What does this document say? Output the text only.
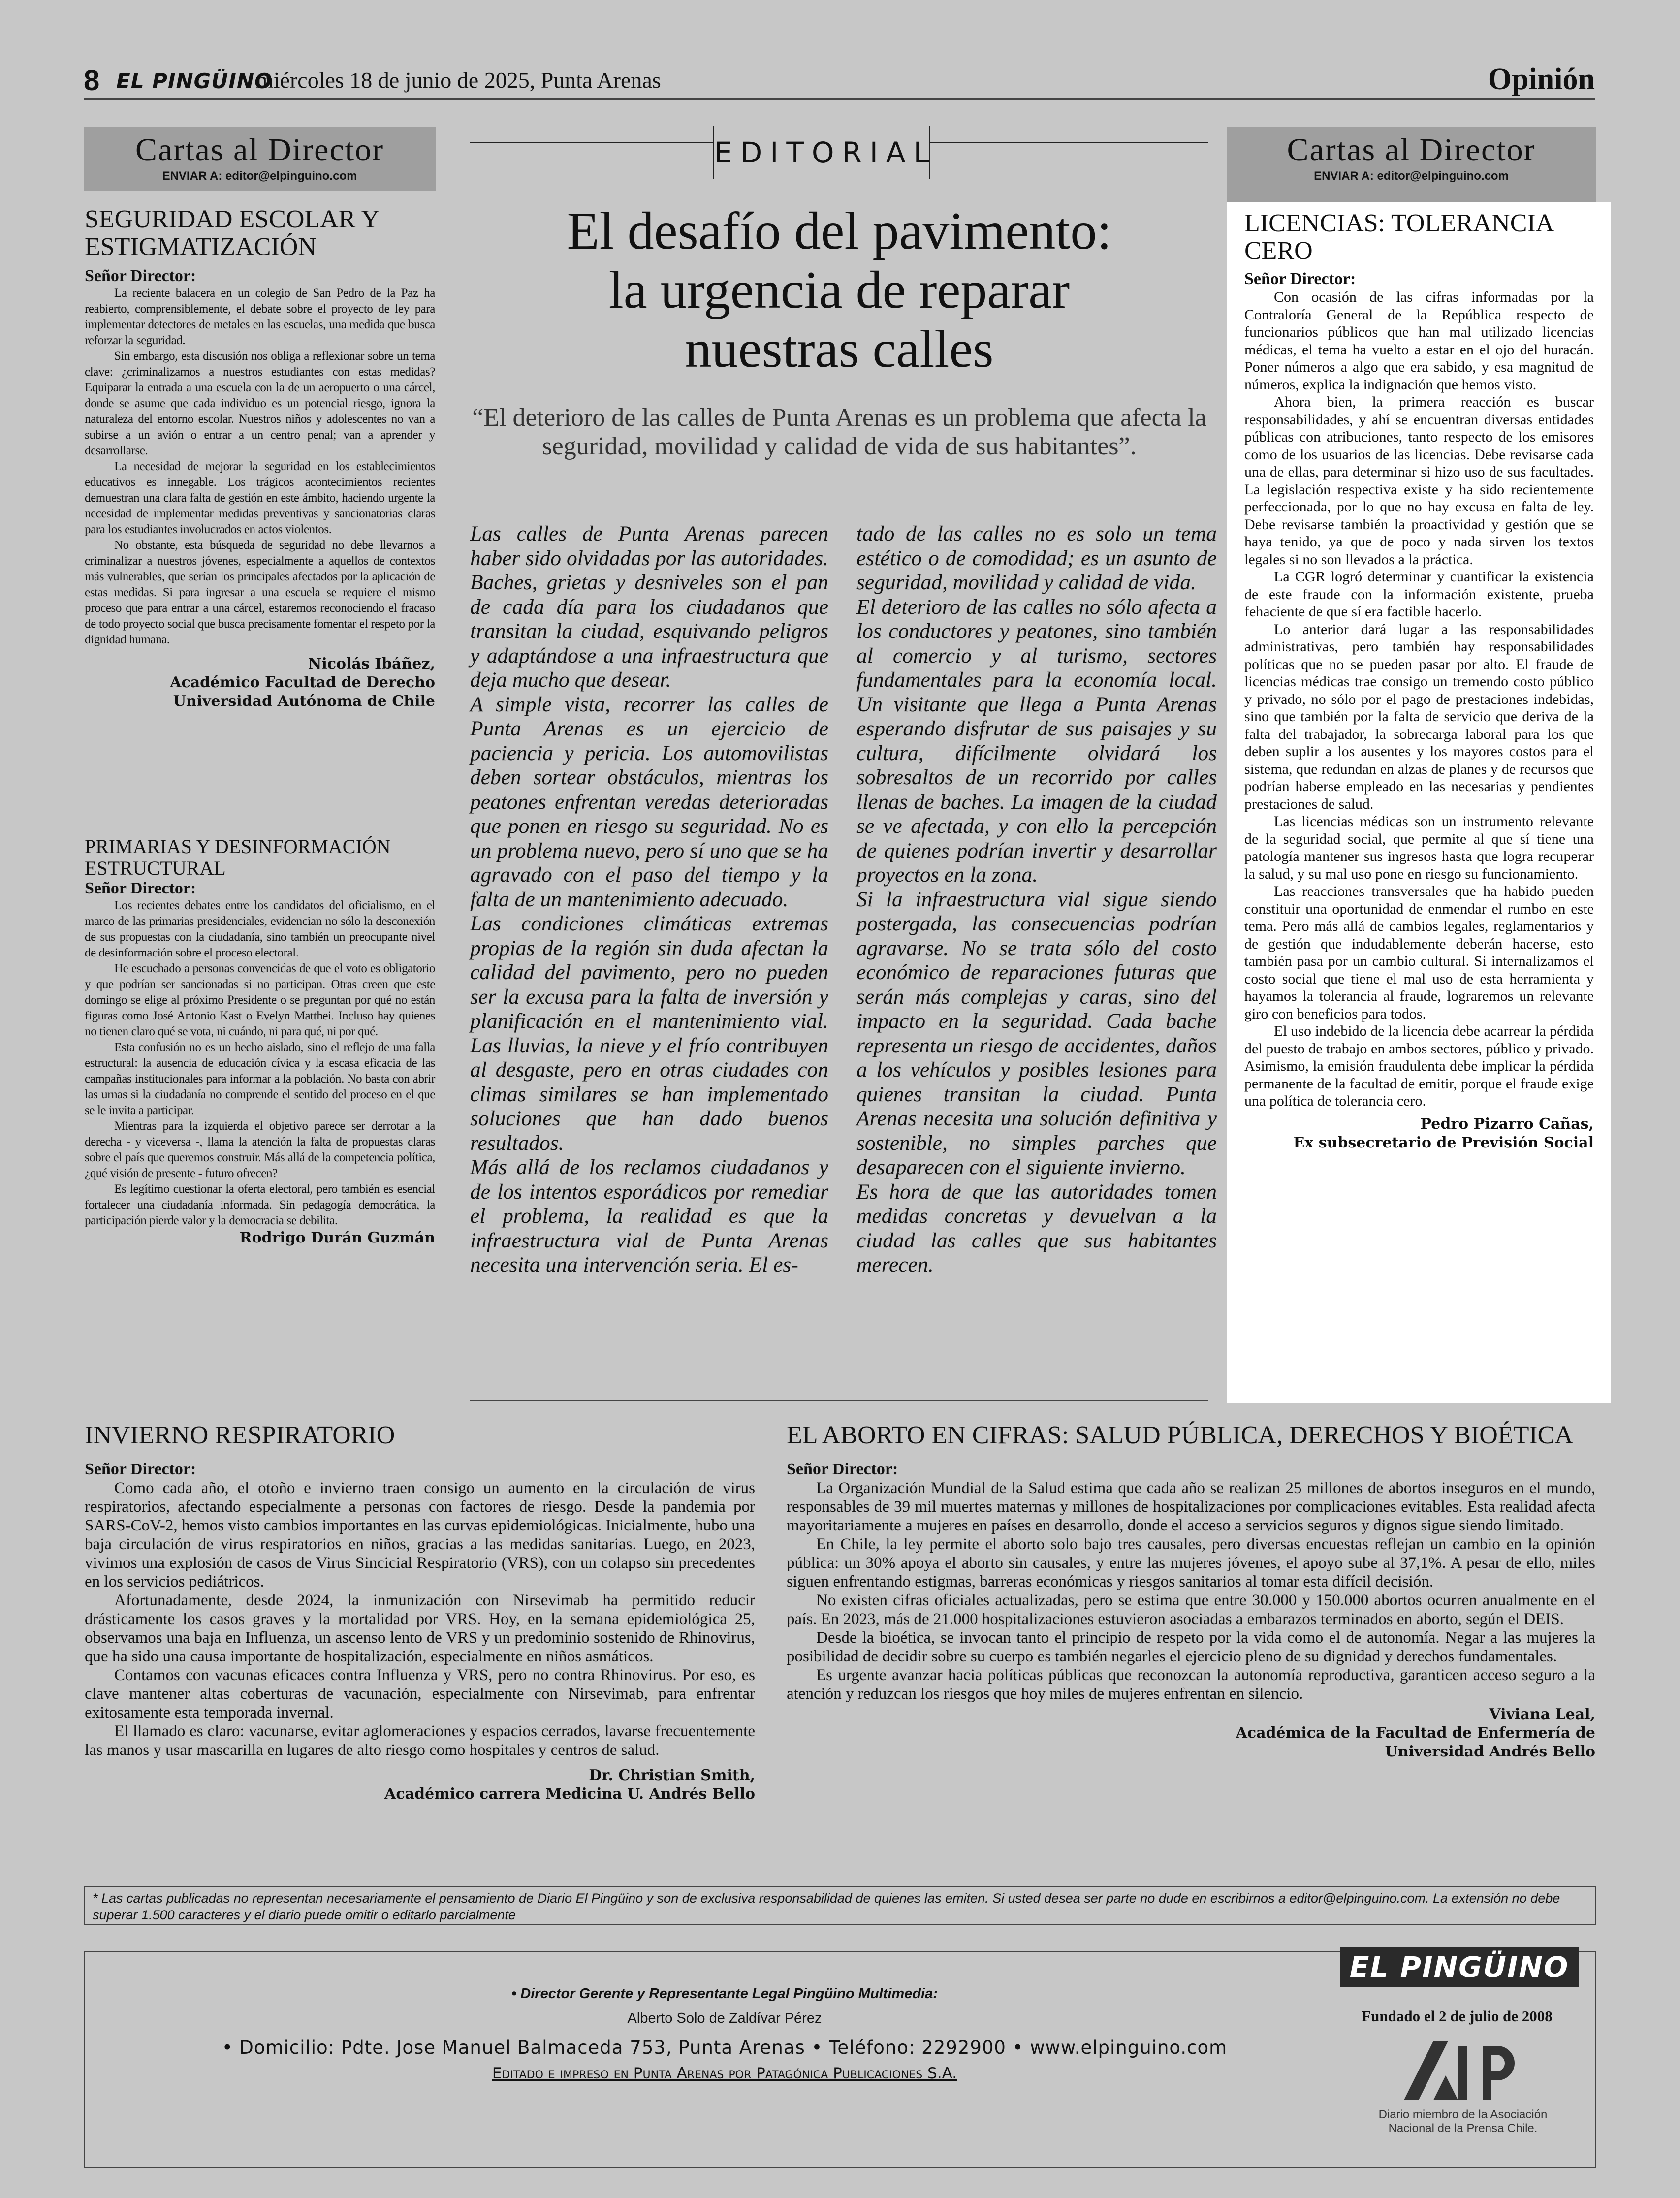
8 EL PINGÜINO
miércoles 18 de junio de 2025, Punta Arenas	Opinión
Cartas al Director
ENVIAR A: editor@elpinguino.com
SEGURIDAD ESCOLAR Y ESTIGMATIZACIÓN
Señor Director:

La reciente balacera en un colegio de San Pedro de la Paz ha reabierto, comprensiblemente, el debate sobre el proyecto de ley para implementar detectores de metales en las escuelas, una medida que busca reforzar la seguridad.

Sin embargo, esta discusión nos obliga a reflexionar sobre un tema clave: ¿criminalizamos a nuestros estudiantes con estas medidas? Equiparar la entrada a una escuela con la de un aeropuerto o una cárcel, donde se asume que cada individuo es un potencial riesgo, ignora la naturaleza del entorno escolar. Nuestros niños y adolescentes no van a subirse a un avión o entrar a un centro penal; van a aprender y desarrollarse.

La necesidad de mejorar la seguridad en los establecimientos educativos es innegable. Los trágicos acontecimientos recientes demuestran una clara falta de gestión en este ámbito, haciendo urgente la necesidad de implementar medidas preventivas y sancionatorias claras para los estudiantes involucrados en actos violentos.

No obstante, esta búsqueda de seguridad no debe llevarnos a criminalizar a nuestros jóvenes, especialmente a aquellos de contextos más vulnerables, que serían los principales afectados por la aplicación de estas medidas. Si para ingresar a una escuela se requiere el mismo proceso que para entrar a una cárcel, estaremos reconociendo el fracaso de todo proyecto social que busca precisamente fomentar el respeto por la dignidad humana.

Nicolás Ibáñez,
Académico Facultad de Derecho
Universidad Autónoma de Chile
PRIMARIAS Y DESINFORMACIÓN ESTRUCTURAL
Señor Director:

Los recientes debates entre los candidatos del oficialismo, en el marco de las primarias presidenciales, evidencian no sólo la desconexión de sus propuestas con la ciudadanía, sino también un preocupante nivel de desinformación sobre el proceso electoral.

He escuchado a personas convencidas de que el voto es obligatorio y que podrían ser sancionadas si no participan. Otras creen que este domingo se elige al próximo Presidente o se preguntan por qué no están figuras como José Antonio Kast o Evelyn Matthei. Incluso hay quienes no tienen claro qué se vota, ni cuándo, ni para qué, ni por qué.

Esta confusión no es un hecho aislado, sino el reflejo de una falla estructural: la ausencia de educación cívica y la escasa eficacia de las campañas institucionales para informar a la población. No basta con abrir las urnas si la ciudadanía no comprende el sentido del proceso en el que se le invita a participar.

Mientras para la izquierda el objetivo parece ser derrotar a la derecha - y viceversa -, llama la atención la falta de propuestas claras sobre el país que queremos construir. Más allá de la competencia política, ¿qué visión de presente - futuro ofrecen?

Es legítimo cuestionar la oferta electoral, pero también es esencial fortalecer una ciudadanía informada. Sin pedagogía democrática, la participación pierde valor y la democracia se debilita.

Rodrigo Durán Guzmán
EDITORIAL
El desafío del pavimento:
la urgencia de reparar
nuestras calles
“El deterioro de las calles de Punta Arenas es un problema que afecta la seguridad, movilidad y calidad de vida de sus habitantes”.

Las calles de Punta Arenas parecen haber sido olvidadas por las autoridades. Baches, grietas y desniveles son el pan de cada día para los ciudadanos que transitan la ciudad, esquivando peligros y adaptándose a una infraestructura que deja mucho que desear.

A simple vista, recorrer las calles de Punta Arenas es un ejercicio de paciencia y pericia. Los automovilistas deben sortear obstáculos, mientras los peatones enfrentan veredas deterioradas que ponen en riesgo su seguridad. No es un problema nuevo, pero sí uno que se ha agravado con el paso del tiempo y la falta de un mantenimiento adecuado.

Las condiciones climáticas extremas propias de la región sin duda afectan la calidad del pavimento, pero no pueden ser la excusa para la falta de inversión y planificación en el mantenimiento vial. Las lluvias, la nieve y el frío contribuyen al desgaste, pero en otras ciudades con climas similares se han implementado soluciones que han dado buenos resultados.

Más allá de los reclamos ciudadanos y de los intentos esporádicos por remediar el problema, la realidad es que la infraestructura vial de Punta Arenas necesita una intervención seria. El es-

tado de las calles no es solo un tema estético o de comodidad; es un asunto de seguridad, movilidad y calidad de vida.

El deterioro de las calles no sólo afecta a los conductores y peatones, sino también al comercio y al turismo, sectores fundamentales para la economía local. Un visitante que llega a Punta Arenas esperando disfrutar de sus paisajes y su cultura, difícilmente olvidará los sobresaltos de un recorrido por calles llenas de baches. La imagen de la ciudad se ve afectada, y con ello la percepción de quienes podrían invertir y desarrollar proyectos en la zona.

Si la infraestructura vial sigue siendo postergada, las consecuencias podrían agravarse. No se trata sólo del costo económico de reparaciones futuras que serán más complejas y caras, sino del impacto en la seguridad. Cada bache representa un riesgo de accidentes, daños a los vehículos y posibles lesiones para quienes transitan la ciudad. Punta Arenas necesita una solución definitiva y sostenible, no simples parches que desaparecen con el siguiente invierno.

Es hora de que las autoridades tomen medidas concretas y devuelvan a la ciudad las calles que sus habitantes merecen.

Cartas al Director
ENVIAR A: editor@elpinguino.com
LICENCIAS: TOLERANCIA CERO
Señor Director:

Con ocasión de las cifras informadas por la Contraloría General de la República respecto de funcionarios públicos que han mal utilizado licencias médicas, el tema ha vuelto a estar en el ojo del huracán. Poner números a algo que era sabido, y esa magnitud de números, explica la indignación que hemos visto.

Ahora bien, la primera reacción es buscar responsabilidades, y ahí se encuentran diversas entidades públicas con atribuciones, tanto respecto de los emisores como de los usuarios de las licencias. Debe revisarse cada una de ellas, para determinar si hizo uso de sus facultades. La legislación respectiva existe y ha sido recientemente perfeccionada, por lo que no hay excusa en falta de ley. Debe revisarse también la proactividad y gestión que se haya tenido, ya que de poco y nada sirven los textos legales si no son llevados a la práctica.

La CGR logró determinar y cuantificar la existencia de este fraude con la información existente, prueba fehaciente de que sí era factible hacerlo.

Lo anterior dará lugar a las responsabilidades administrativas, pero también hay responsabilidades políticas que no se pueden pasar por alto. El fraude de licencias médicas trae consigo un tremendo costo público y privado, no sólo por el pago de prestaciones indebidas, sino que también por la falta de servicio que deriva de la falta del trabajador, la sobrecarga laboral para los que deben suplir a los ausentes y los mayores costos para el sistema, que redundan en alzas de planes y de recursos que podrían haberse empleado en las necesarias y pendientes prestaciones de salud.

Las licencias médicas son un instrumento relevante de la seguridad social, que permite al que sí tiene una patología mantener sus ingresos hasta que logra recuperar la salud, y su mal uso pone en riesgo su funcionamiento.

Las reacciones transversales que ha habido pueden constituir una oportunidad de enmendar el rumbo en este tema. Pero más allá de cambios legales, reglamentarios y de gestión que indudablemente deberán hacerse, esto también pasa por un cambio cultural. Si internalizamos el costo social que tiene el mal uso de esta herramienta y hayamos la tolerancia al fraude, lograremos un relevante giro con beneficios para todos.

El uso indebido de la licencia debe acarrear la pérdida del puesto de trabajo en ambos sectores, público y privado. Asimismo, la emisión fraudulenta debe implicar la pérdida permanente de la facultad de emitir, porque el fraude exige una política de tolerancia cero.

Pedro Pizarro Cañas,
Ex subsecretario de Previsión Social
INVIERNO RESPIRATORIO
Señor Director:

Como cada año, el otoño e invierno traen consigo un aumento en la circulación de virus respiratorios, afectando especialmente a personas con factores de riesgo. Desde la pandemia por SARS-CoV-2, hemos visto cambios importantes en las curvas epidemiológicas. Inicialmente, hubo una baja circulación de virus respiratorios en niños, gracias a las medidas sanitarias. Luego, en 2023, vivimos una explosión de casos de Virus Sincicial Respiratorio (VRS), con un colapso sin precedentes en los servicios pediátricos.

Afortunadamente, desde 2024, la inmunización con Nirsevimab ha permitido reducir drásticamente los casos graves y la mortalidad por VRS. Hoy, en la semana epidemiológica 25, observamos una baja en Influenza, un ascenso lento de VRS y un predominio sostenido de Rhinovirus, que ha sido una causa importante de hospitalización, especialmente en niños asmáticos.

Contamos con vacunas eficaces contra Influenza y VRS, pero no contra Rhinovirus. Por eso, es clave mantener altas coberturas de vacunación, especialmente con Nirsevimab, para enfrentar exitosamente esta temporada invernal.

El llamado es claro: vacunarse, evitar aglomeraciones y espacios cerrados, lavarse frecuentemente las manos y usar mascarilla en lugares de alto riesgo como hospitales y centros de salud.

Dr. Christian Smith,
Académico carrera Medicina U. Andrés Bello
EL ABORTO EN CIFRAS: SALUD PÚBLICA, DERECHOS Y BIOÉTICA
Señor Director:

La Organización Mundial de la Salud estima que cada año se realizan 25 millones de abortos inseguros en el mundo, responsables de 39 mil muertes maternas y millones de hospitalizaciones por complicaciones evitables. Esta realidad afecta mayoritariamente a mujeres en países en desarrollo, donde el acceso a servicios seguros y dignos sigue siendo limitado.

En Chile, la ley permite el aborto solo bajo tres causales, pero diversas encuestas reflejan un cambio en la opinión pública: un 30% apoya el aborto sin causales, y entre las mujeres jóvenes, el apoyo sube al 37,1%. A pesar de ello, miles siguen enfrentando estigmas, barreras económicas y riesgos sanitarios al tomar esta difícil decisión.

No existen cifras oficiales actualizadas, pero se estima que entre 30.000 y 150.000 abortos ocurren anualmente en el país. En 2023, más de 21.000 hospitalizaciones estuvieron asociadas a embarazos terminados en aborto, según el DEIS.

Desde la bioética, se invocan tanto el principio de respeto por la vida como el de autonomía. Negar a las mujeres la posibilidad de decidir sobre su cuerpo es también negarles el ejercicio pleno de su dignidad y derechos fundamentales.

Es urgente avanzar hacia políticas públicas que reconozcan la autonomía reproductiva, garanticen acceso seguro a la atención y reduzcan los riesgos que hoy miles de mujeres enfrentan en silencio.

Viviana Leal,
Académica de la Facultad de Enfermería de
Universidad Andrés Bello
* Las cartas publicadas no representan necesariamente el pensamiento de Diario El Pingüino y son de exclusiva responsabilidad de quienes las emiten. Si usted desea ser parte no dude en escribirnos a editor@elpinguino.com. La extensión no debe superar 1.500 caracteres y el diario puede omitir o editarlo parcialmente
• Director Gerente y Representante Legal Pingüino Multimedia:
Alberto Solo de Zaldívar Pérez
• Domicilio: Pdte. Jose Manuel Balmaceda 753, Punta Arenas • Teléfono: 2292900 • www.elpinguino.com
Editado e impreso en Punta Arenas por Patagónica Publicaciones S.A.
Fundado el 2 de julio de 2008
Diario miembro de la Asociación
Nacional de la Prensa Chile.
EL PINGÜINO
